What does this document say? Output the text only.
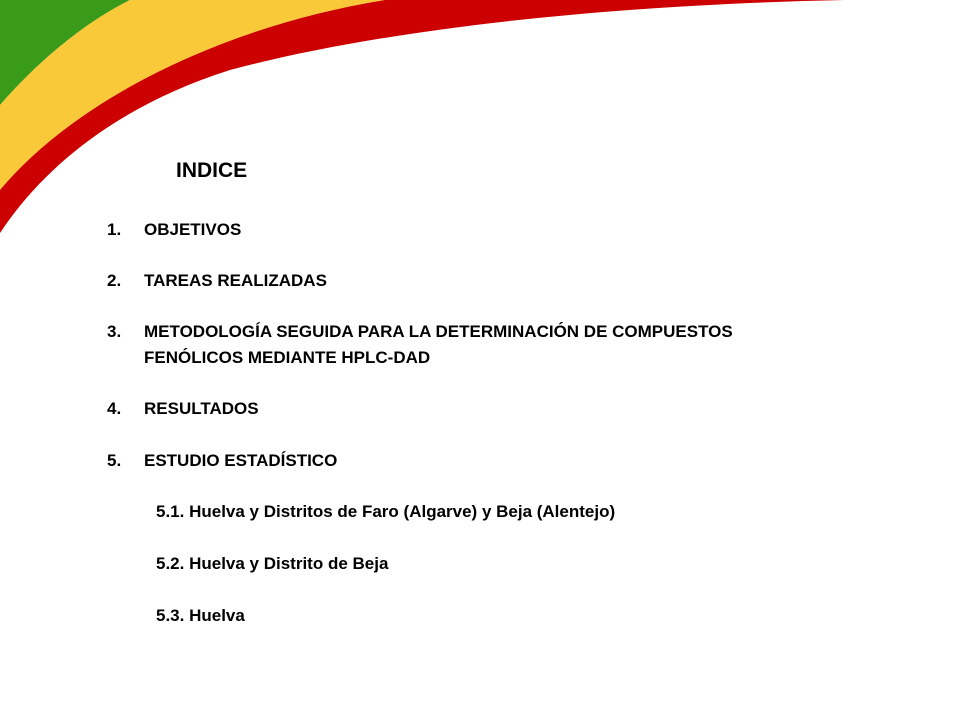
INDICE
1. OBJETIVOS
2. TAREAS REALIZADAS
3. METODOLOGÍA SEGUIDA PARA LA DETERMINACIÓN DE COMPUESTOS
FENÓLICOS MEDIANTE HPLC-DAD
4. RESULTADOS
5. ESTUDIO ESTADÍSTICO
5.1. Huelva y Distritos de Faro (Algarve) y Beja (Alentejo)
5.2. Huelva y Distrito de Beja
5.3. Huelva
